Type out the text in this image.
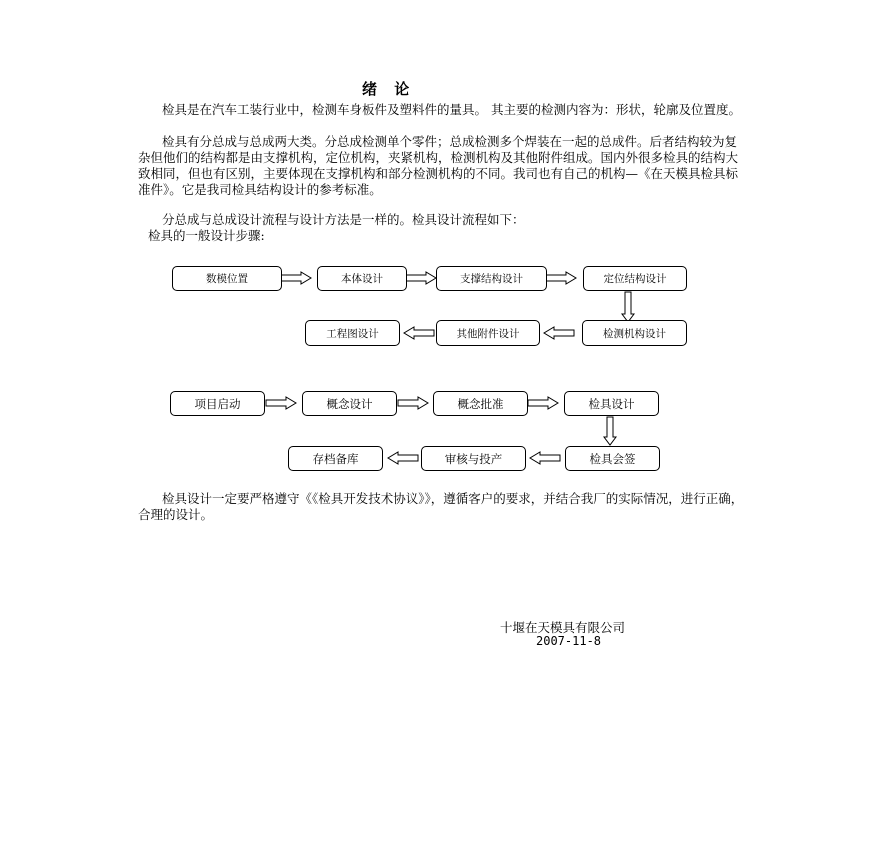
绪 论
检具是在汽车工装行业中，检测车身板件及塑料件的量具。 其主要的检测内容为：形状，轮廓及位置度。
检具有分总成与总成两大类。分总成检测单个零件；总成检测多个焊装在一起的总成件。后者结构较为复杂但他们的结构都是由支撑机构，定位机构，夹紧机构，检测机构及其他附件组成。国内外很多检具的结构大致相同，但也有区别，主要体现在支撑机构和部分检测机构的不同。我司也有自己的机构—《在天模具检具标准件》。它是我司检具结构设计的参考标准。
分总成与总成设计流程与设计方法是一样的。检具设计流程如下：
检具的一般设计步骤:
数模位置	本体设计	支撑结构设计	定位结构设计
检测机构设计
其他附件设计
工程图设计
项目启动	概念设计	概念批准	检具设计
检具会签
审核与投产
存档备库
检具设计一定要严格遵守《《检具开发技术协议》》，遵循客户的要求，并结合我厂的实际情况，进行正确，合理的设计。
十堰在天模具有限公司
2007-11-8
